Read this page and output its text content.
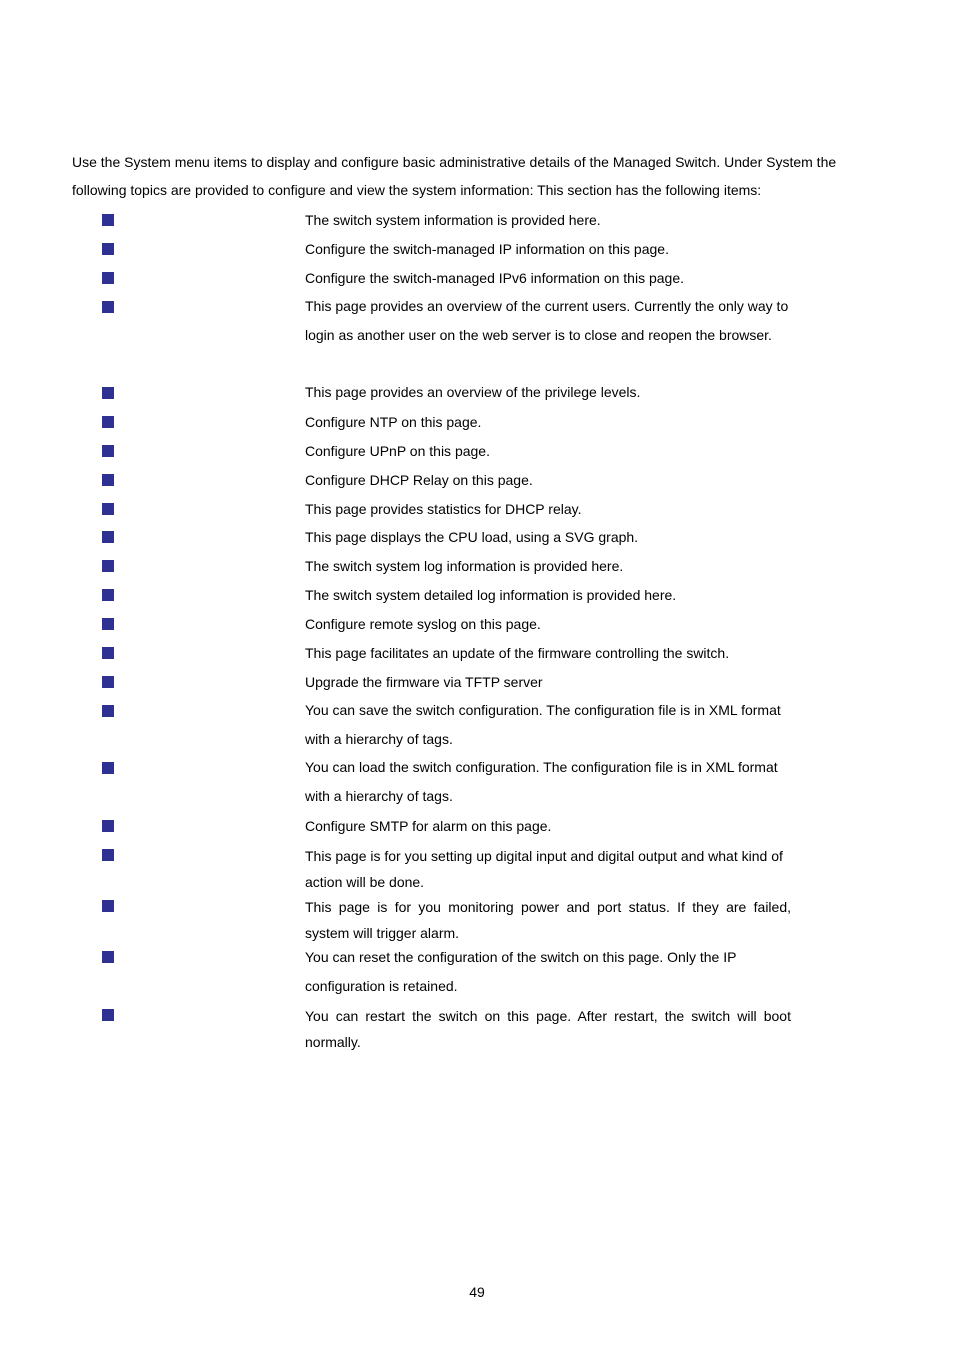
Use the System menu items to display and configure basic administrative details of the Managed Switch. Under System the following topics are provided to configure and view the system information: This section has the following items:

The switch system information is provided here.

Configure the switch-managed IP information on this page.

Configure the switch-managed IPv6 information on this page.

This page provides an overview of the current users. Currently the only way to login as another user on the web server is to close and reopen the browser.

This page provides an overview of the privilege levels.

Configure NTP on this page.

Configure UPnP on this page.

Configure DHCP Relay on this page.

This page provides statistics for DHCP relay.

This page displays the CPU load, using a SVG graph.

The switch system log information is provided here.

The switch system detailed log information is provided here.

Configure remote syslog on this page.

This page facilitates an update of the firmware controlling the switch.

Upgrade the firmware via TFTP server

You can save the switch configuration. The configuration file is in XML format with a hierarchy of tags.

You can load the switch configuration. The configuration file is in XML format with a hierarchy of tags.

Configure SMTP for alarm on this page.

This page is for you setting up digital input and digital output and what kind of action will be done.

This page is for you monitoring power and port status. If they are failed, system will trigger alarm.

You can reset the configuration of the switch on this page. Only the IP configuration is retained.

You can restart the switch on this page. After restart, the switch will boot normally.

49
